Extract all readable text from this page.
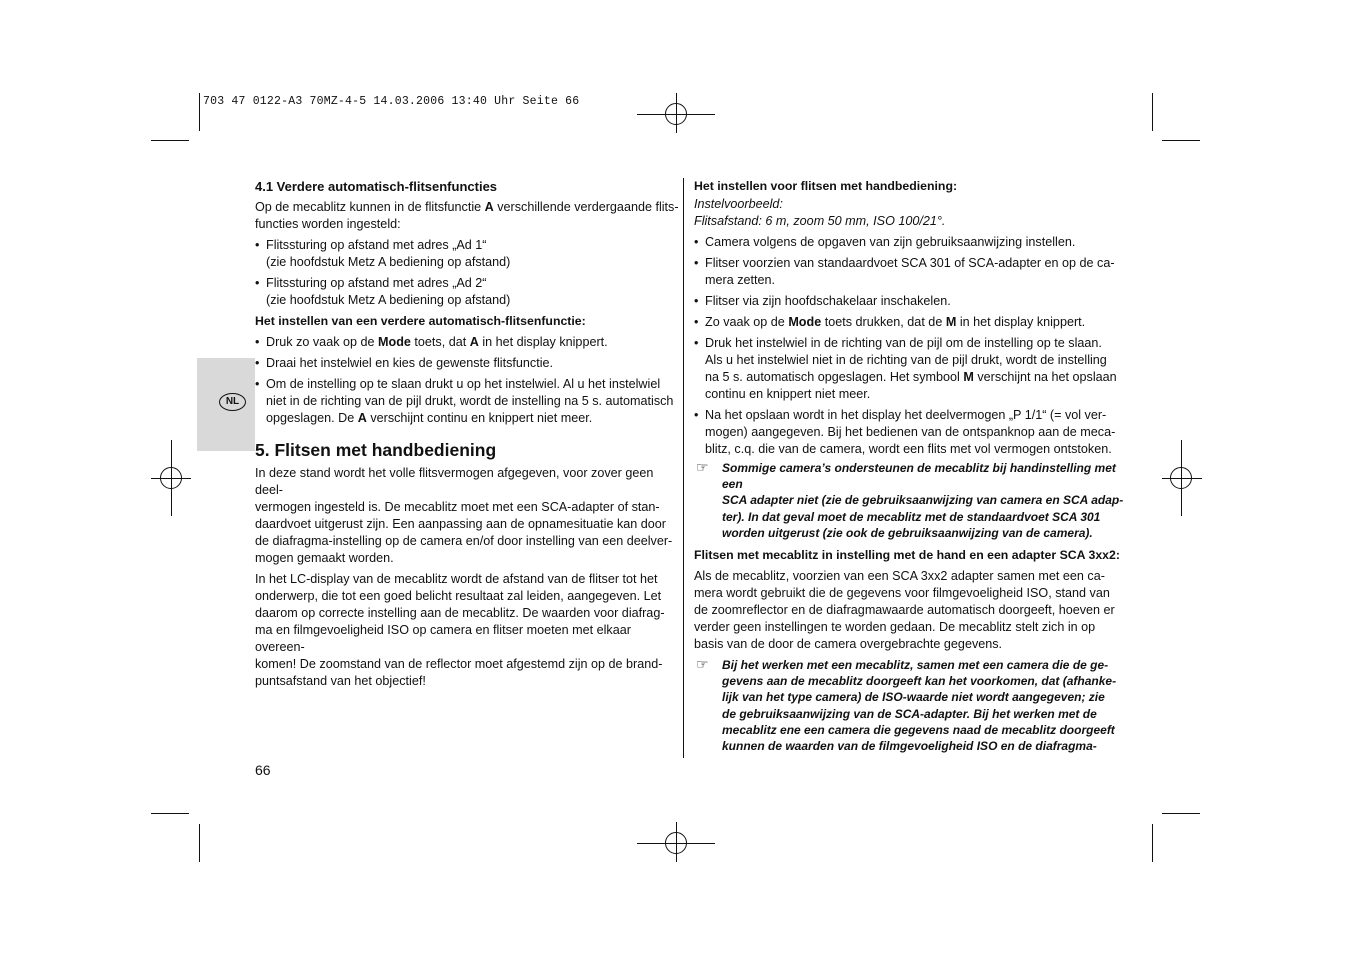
703 47 0122-A3 70MZ-4-5 14.03.2006 13:40 Uhr Seite 66
NL

4.1 Verdere automatisch-flitsenfuncties

Op de mecablitz kunnen in de flitsfunctie A verschillende verdergaande flits-
functies worden ingesteld:

• Flitssturing op afstand met adres „Ad 1“
(zie hoofdstuk Metz A bediening op afstand)

• Flitssturing op afstand met adres „Ad 2“
(zie hoofdstuk Metz A bediening op afstand)

Het instellen van een verdere automatisch-flitsenfunctie:

• Druk zo vaak op de Mode toets, dat A in het display knippert.

• Draai het instelwiel en kies de gewenste flitsfunctie.

• Om de instelling op te slaan drukt u op het instelwiel. Al u het instelwiel
niet in de richting van de pijl drukt, wordt de instelling na 5 s. automatisch
opgeslagen. De A verschijnt continu en knippert niet meer.

5. Flitsen met handbediening

In deze stand wordt het volle flitsvermogen afgegeven, voor zover geen deel-
vermogen ingesteld is. De mecablitz moet met een SCA-adapter of stan-
daardvoet uitgerust zijn. Een aanpassing aan de opnamesituatie kan door
de diafragma-instelling op de camera en/of door instelling van een deelver-
mogen gemaakt worden.

In het LC-display van de mecablitz wordt de afstand van de flitser tot het
onderwerp, die tot een goed belicht resultaat zal leiden, aangegeven. Let
daarom op correcte instelling aan de mecablitz. De waarden voor diafrag-
ma en filmgevoeligheid ISO op camera en flitser moeten met elkaar overeen-
komen! De zoomstand van de reflector moet afgestemd zijn op de brand-
puntsafstand van het objectief!

Het instellen voor flitsen met handbediening:

Instelvoorbeeld:
Flitsafstand: 6 m, zoom 50 mm, ISO 100/21°.

• Camera volgens de opgaven van zijn gebruiksaanwijzing instellen.

• Flitser voorzien van standaardvoet SCA 301 of SCA-adapter en op de ca-
mera zetten.

• Flitser via zijn hoofdschakelaar inschakelen.

• Zo vaak op de Mode toets drukken, dat de M in het display knippert.

• Druk het instelwiel in de richting van de pijl om de instelling op te slaan.
Als u het instelwiel niet in de richting van de pijl drukt, wordt de instelling
na 5 s. automatisch opgeslagen. Het symbool M verschijnt na het opslaan
continu en knippert niet meer.

• Na het opslaan wordt in het display het deelvermogen „P 1/1“ (= vol ver-
mogen) aangegeven. Bij het bedienen van de ontspanknop aan de meca-
blitz, c.q. die van de camera, wordt een flits met vol vermogen ontstoken.

☞ Sommige camera’s ondersteunen de mecablitz bij handinstelling met een
SCA adapter niet (zie de gebruiksaanwijzing van camera en SCA adap-
ter). In dat geval moet de mecablitz met de standaardvoet SCA 301
worden uitgerust (zie ook de gebruiksaanwijzing van de camera).

Flitsen met mecablitz in instelling met de hand en een adapter SCA 3xx2:

Als de mecablitz, voorzien van een SCA 3xx2 adapter samen met een ca-
mera wordt gebruikt die de gegevens voor filmgevoeligheid ISO, stand van
de zoomreflector en de diafragmawaarde automatisch doorgeeft, hoeven er
verder geen instellingen te worden gedaan. De mecablitz stelt zich in op
basis van de door de camera overgebrachte gegevens.

☞ Bij het werken met een mecablitz, samen met een camera die de ge-
gevens aan de mecablitz doorgeeft kan het voorkomen, dat (afhanke-
lijk van het type camera) de ISO-waarde niet wordt aangegeven; zie
de gebruiksaanwijzing van de SCA-adapter. Bij het werken met de
mecablitz ene een camera die gegevens naad de mecablitz doorgeeft
kunnen de waarden van de filmgevoeligheid ISO en de diafragma-

66
